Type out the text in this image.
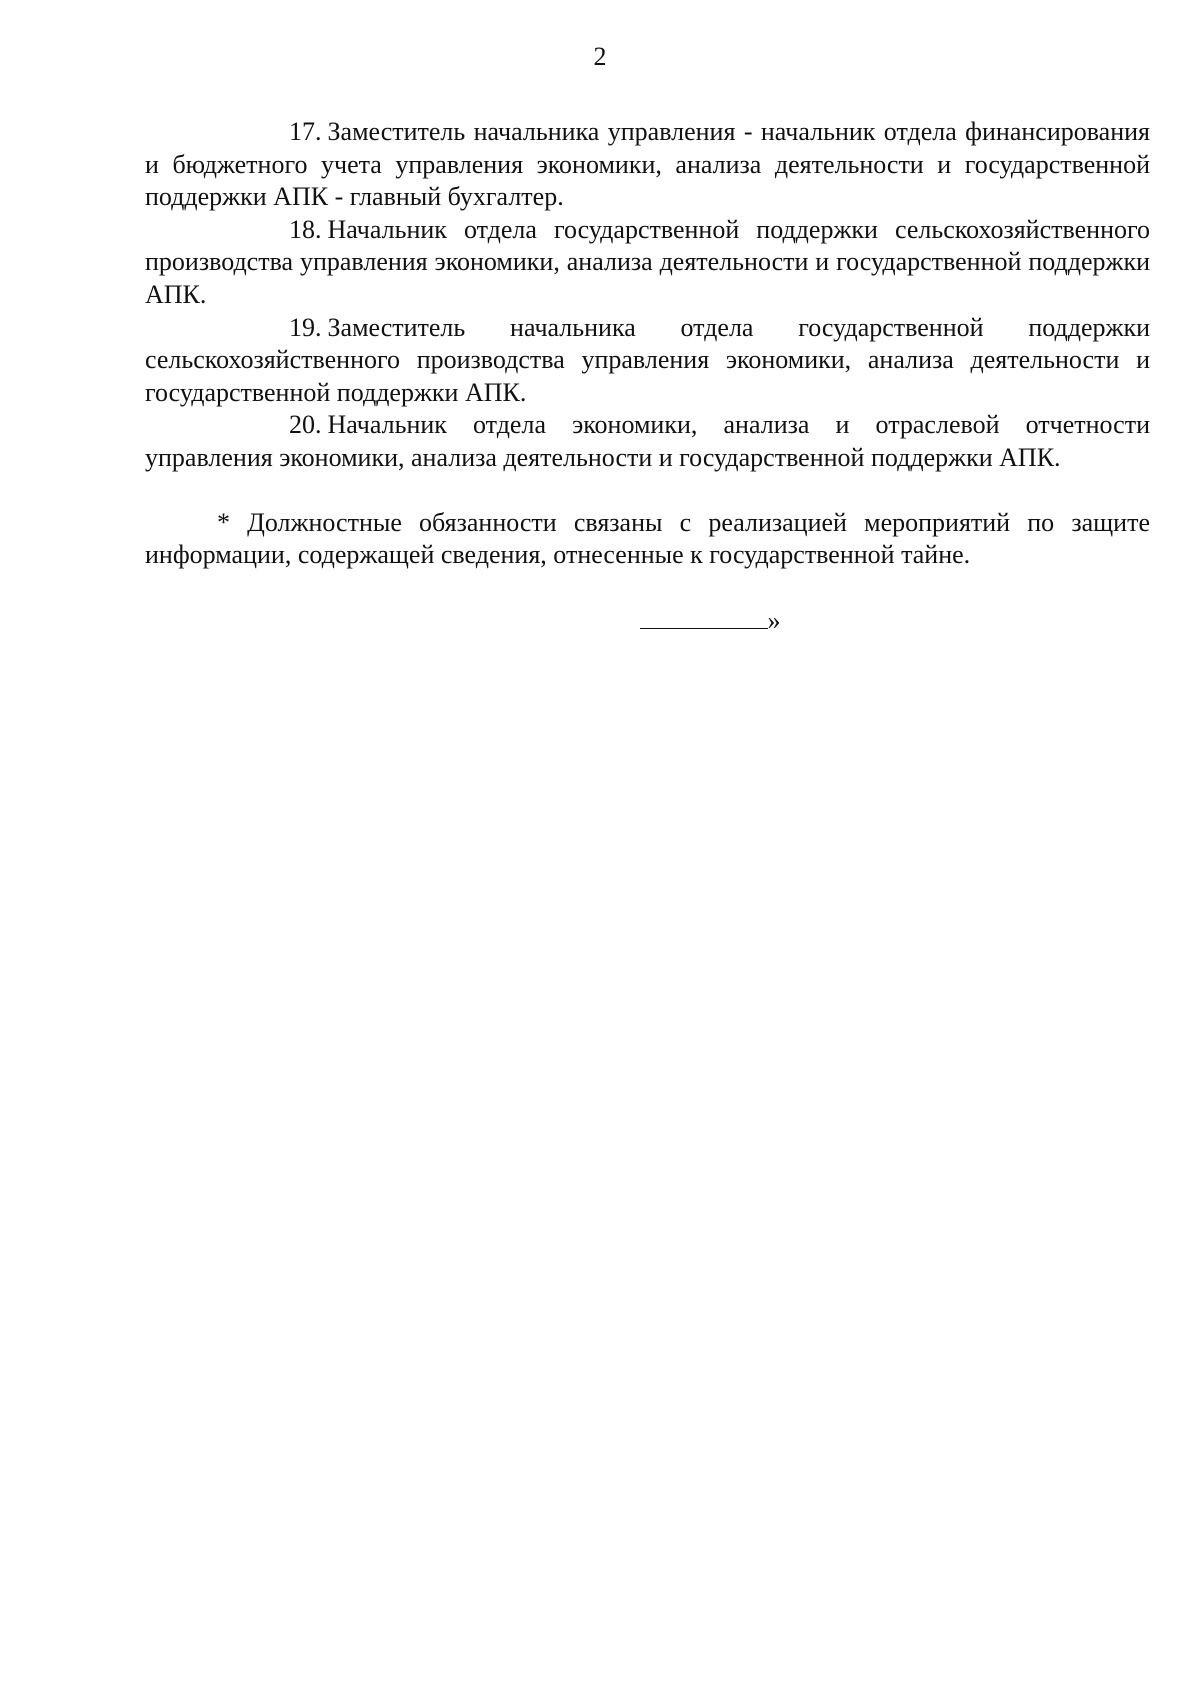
2

17. Заместитель начальника управления - начальник отдела финансирования и бюджетного учета управления экономики, анализа деятельности и государственной поддержки АПК - главный бухгалтер.

18. Начальник отдела государственной поддержки сельскохозяйственного производства управления экономики, анализа деятельности и государственной поддержки АПК.

19. Заместитель начальника отдела государственной поддержки сельскохозяйственного производства управления экономики, анализа деятельности и государственной поддержки АПК.

20. Начальник отдела экономики, анализа и отраслевой отчетности управления экономики, анализа деятельности и государственной поддержки АПК.

* Должностные обязанности связаны с реализацией мероприятий по защите информации, содержащей сведения, отнесенные к государственной тайне.

»
